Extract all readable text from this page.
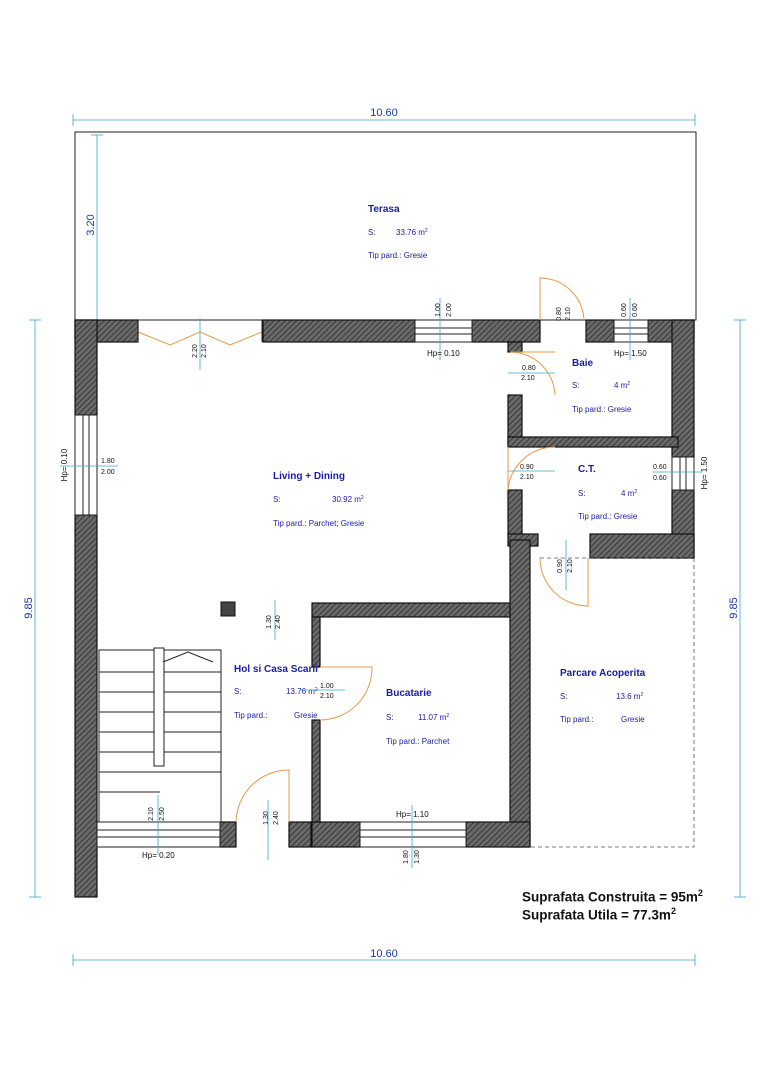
10.60
10.60
9.85	9.85
3.20
Terasa
S:	33.76 $m^2$
Tip pard.: Gresie
Baie
S:	4 $m^2$
Tip pard.: Gresie
C.T.
S:	4 $m^2$
Tip pard.: Gresie
Living + Dining
S:	30.92 $m^2$
Tip pard.: Parchet; Gresie
Hol si Casa Scarii
S:	13.76 $m^2$
Tip pard.:	Gresie
Bucatarie
S:	11.07 $m^2$
Tip pard.: Parchet
Parcare Acoperita
S:	13.6 $m^2$
Tip pard.:	Gresie
1.00 2.00
Hp= 0.10
0.60 0.60
Hp= 1.50
2.20 2.10
0.80 2.10
0.80
2.10
0.90
2.10
0.60
0.60	Hp= 1.50
1.80
2.00
Hp= 0.10
0.90 2.10
1.30 2.40
1.00
2.10
1.30 2.40
2.10 2.50
Hp= 0.20
Hp= 1.10
1.80 1.30
Suprafata Construita = $95m^2$
Suprafata Utila = $77.3m^2$
